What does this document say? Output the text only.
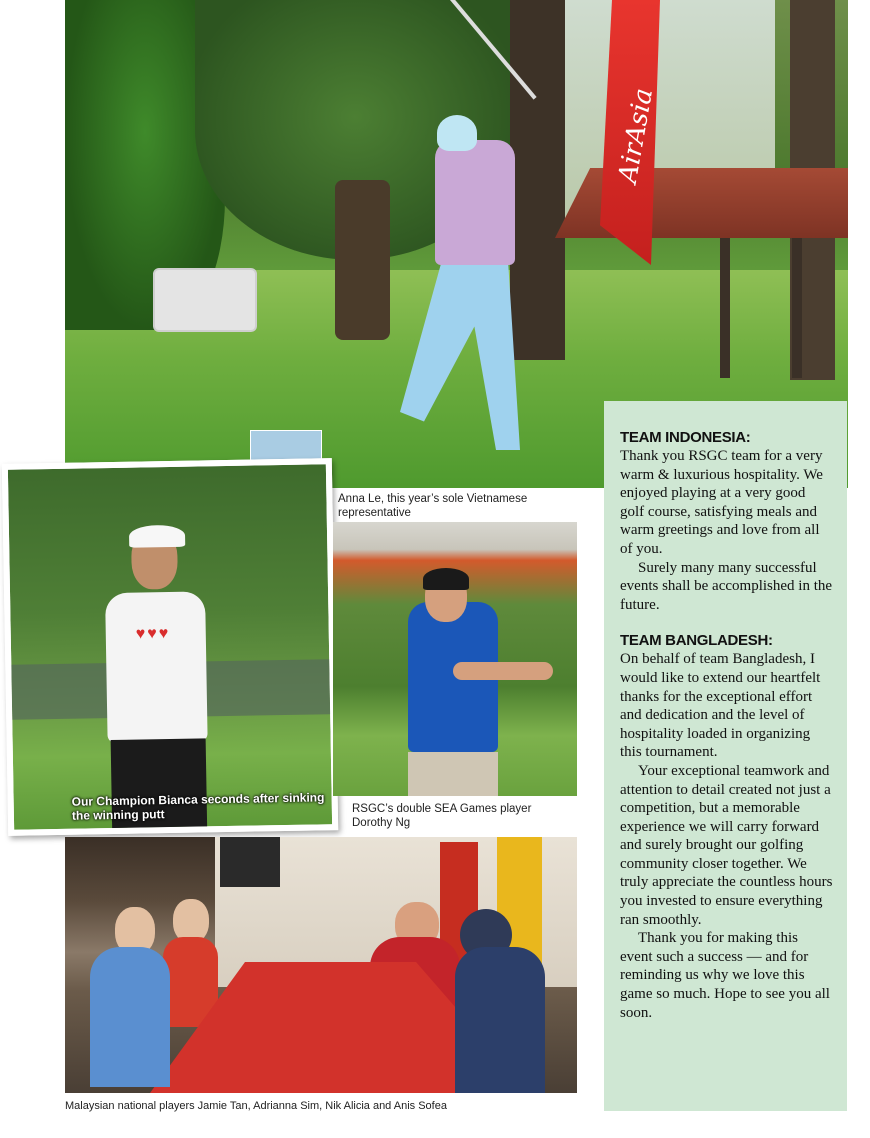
AirAsia
Anna Le, this year’s sole Vietnamese representative
♥♥♥
Our Champion Bianca seconds after sinking the winning putt	RSGC’s double SEA Games player Dorothy Ng
Malaysian national players Jamie Tan, Adrianna Sim, Nik Alicia and Anis Sofea
TEAM INDONESIA:

Thank you RSGC team for a very warm & luxurious hospitality. We enjoyed playing at a very good golf course, satisfying meals and warm greetings and love from all of you.

Surely many many successful events shall be accomplished in the future.

TEAM BANGLADESH:

On behalf of team Bangladesh, I would like to extend our heartfelt thanks for the exceptional effort and dedication and the level of hospitality loaded in organizing this tournament.

Your exceptional teamwork and attention to detail created not just a competition, but a memorable experience we will carry forward and surely brought our golfing community closer together. We truly appreciate the countless hours you invested to ensure everything ran smoothly.

Thank you for making this event such a success — and for reminding us why we love this game so much. Hope to see you all soon.
